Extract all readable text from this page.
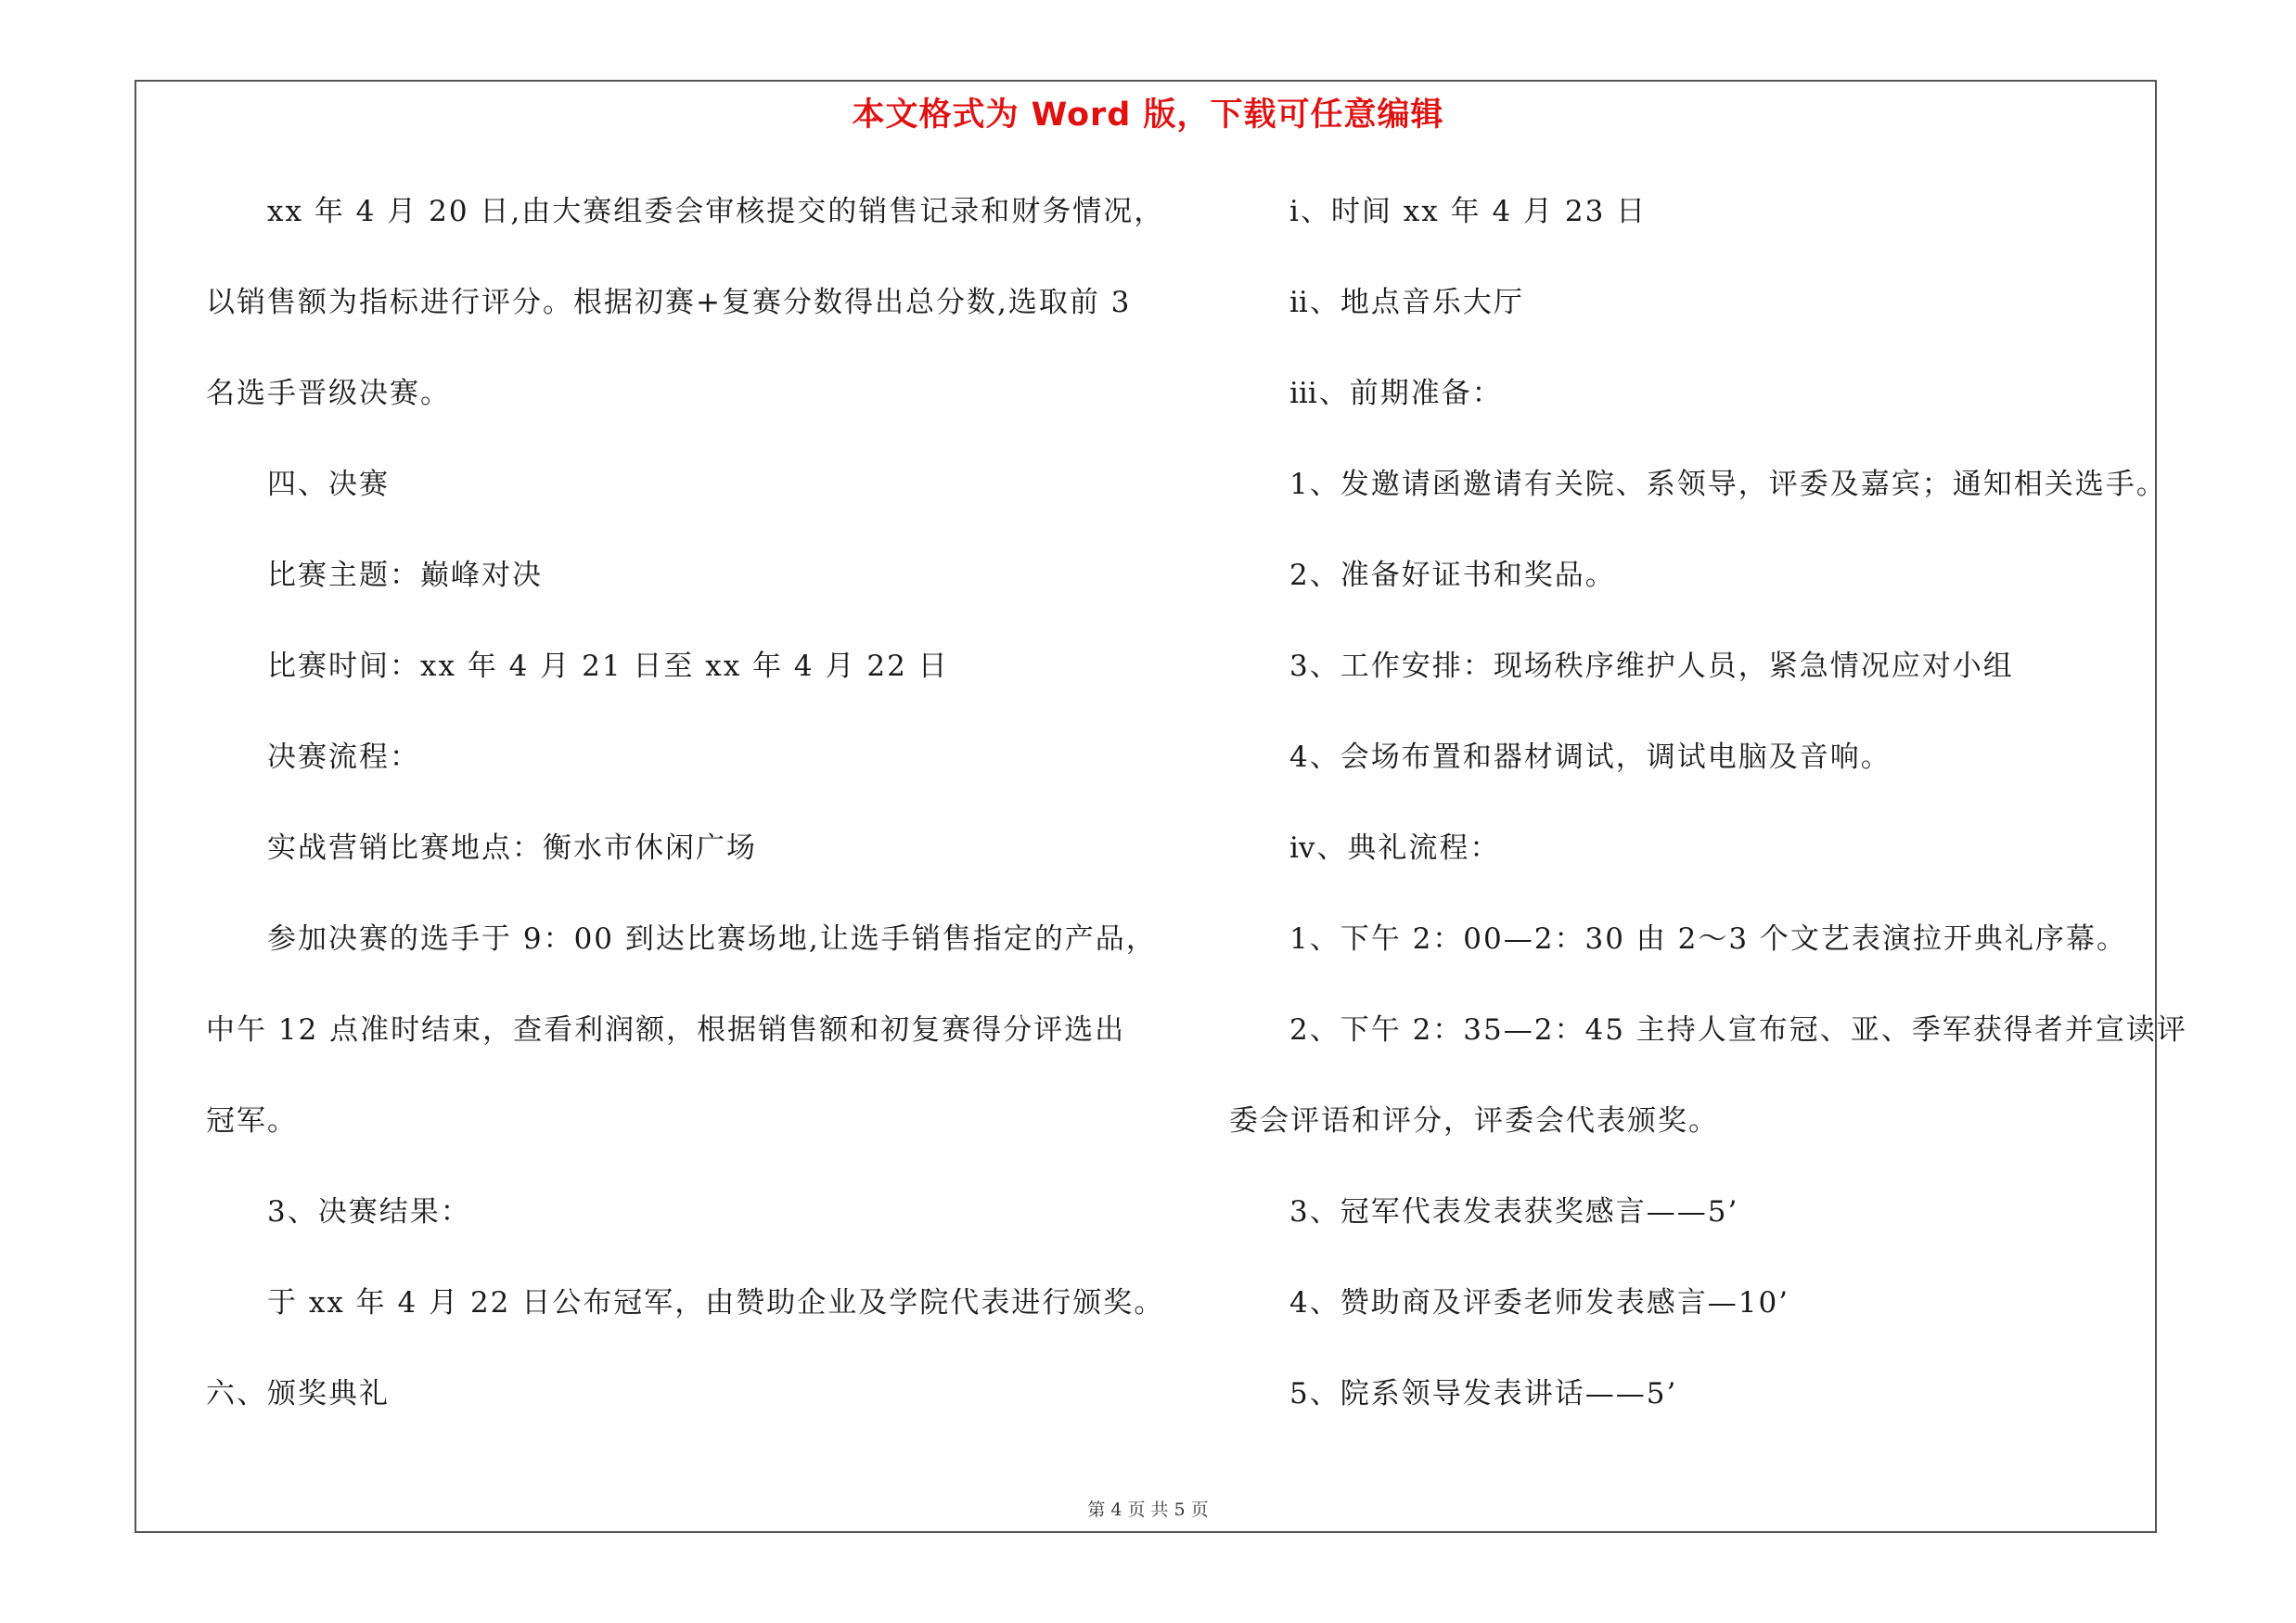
本文格式为 Word 版，下载可任意编辑
xx 年 4 月 20 日,由大赛组委会审核提交的销售记录和财务情况，
以销售额为指标进行评分。根据初赛+复赛分数得出总分数,选取前 3
名选手晋级决赛。
四、决赛
比赛主题：巅峰对决
比赛时间：xx 年 4 月 21 日至 xx 年 4 月 22 日
决赛流程：
实战营销比赛地点：衡水市休闲广场
参加决赛的选手于 9：00 到达比赛场地,让选手销售指定的产品，
中午 12 点准时结束，查看利润额，根据销售额和初复赛得分评选出
冠军。
3、决赛结果：
于 xx 年 4 月 22 日公布冠军，由赞助企业及学院代表进行颁奖。
六、颁奖典礼
ⅰ、时间 xx 年 4 月 23 日
ⅱ、地点音乐大厅
ⅲ、前期准备：
1、发邀请函邀请有关院、系领导，评委及嘉宾；通知相关选手。
2、准备好证书和奖品。
3、工作安排：现场秩序维护人员，紧急情况应对小组
4、会场布置和器材调试，调试电脑及音响。
ⅳ、典礼流程：
1、下午 2：00—2：30 由 2～3 个文艺表演拉开典礼序幕。
2、下午 2：35—2：45 主持人宣布冠、亚、季军获得者并宣读评
委会评语和评分，评委会代表颁奖。
3、冠军代表发表获奖感言——5’
4、赞助商及评委老师发表感言—10’
5、院系领导发表讲话——5’
第 4 页 共 5 页
